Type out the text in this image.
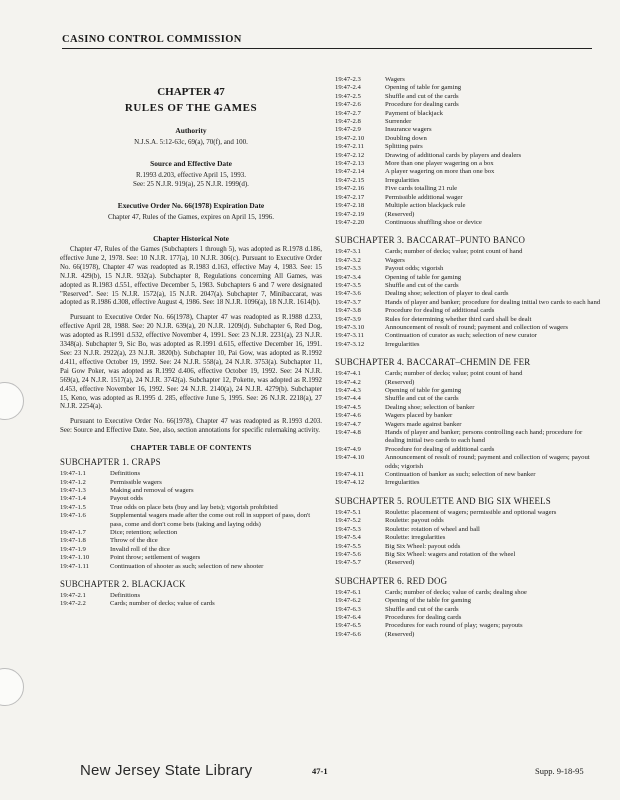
CASINO CONTROL COMMISSION
CHAPTER 47
RULES OF THE GAMES
Authority
N.J.S.A. 5:12-63c, 69(a), 70(f), and 100.
Source and Effective Date
R.1993 d.203, effective April 15, 1993.
See: 25 N.J.R. 919(a), 25 N.J.R. 1999(d).
Executive Order No. 66(1978) Expiration Date
Chapter 47, Rules of the Games, expires on April 15, 1996.
Chapter Historical Note

Chapter 47, Rules of the Games (Subchapters 1 through 5), was adopted as R.1978 d.186, effective June 2, 1978. See: 10 N.J.R. 177(a), 10 N.J.R. 306(c). Pursuant to Executive Order No. 66(1978), Chapter 47 was readopted as R.1983 d.163, effective May 4, 1983. See: 15 N.J.R. 429(b), 15 N.J.R. 932(a). Subchapter 8, Regulations concerning All Games, was adopted as R.1983 d.551, effective December 5, 1983. Subchapters 6 and 7 were designated "Reserved". See: 15 N.J.R. 1572(a), 15 N.J.R. 2047(a). Subchapter 7, Minibaccarat, was adopted as R.1986 d.308, effective August 4, 1986. See: 18 N.J.R. 1096(a), 18 N.J.R. 1614(b).

Pursuant to Executive Order No. 66(1978), Chapter 47 was readopted as R.1988 d.233, effective April 28, 1988. See: 20 N.J.R. 639(a), 20 N.J.R. 1209(d). Subchapter 6, Red Dog, was adopted as R.1991 d.532, effective November 4, 1991. See: 23 N.J.R. 2231(a), 23 N.J.R. 3348(a). Subchapter 9, Sic Bo, was adopted as R.1991 d.615, effective December 16, 1991. See: 23 N.J.R. 2922(a), 23 N.J.R. 3820(b). Subchapter 10, Pai Gow, was adopted as R.1992 d.411, effective October 19, 1992. See: 24 N.J.R. 558(a), 24 N.J.R. 3753(a). Subchapter 11, Pai Gow Poker, was adopted as R.1992 d.406, effective October 19, 1992. See: 24 N.J.R. 569(a), 24 N.J.R. 1517(a), 24 N.J.R. 3742(a). Subchapter 12, Pokette, was adopted as R.1992 d.453, effective November 16, 1992. See: 24 N.J.R. 2140(a), 24 N.J.R. 4279(b). Subchapter 15, Keno, was adopted as R.1995 d. 285, effective June 5, 1995. See: 26 N.J.R. 2218(a), 27 N.J.R. 2254(a).

Pursuant to Executive Order No. 66(1978), Chapter 47 was readopted as R.1993 d.203. See: Source and Effective Date. See, also, section annotations for specific rulemaking activity.

CHAPTER TABLE OF CONTENTS
SUBCHAPTER 1. CRAPS
19:47-1.1	Definitions
19:47-1.2	Permissible wagers
19:47-1.3	Making and removal of wagers
19:47-1.4	Payout odds
19:47-1.5	True odds on place bets (buy and lay bets); vigorish prohibited
19:47-1.6	Supplemental wagers made after the come out roll in support of pass, don't pass, come and don't come bets (taking and laying odds)
19:47-1.7	Dice; retention; selection
19:47-1.8	Throw of the dice
19:47-1.9	Invalid roll of the dice
19:47-1.10	Point throw; settlement of wagers
19:47-1.11	Continuation of shooter as such; selection of new shooter
SUBCHAPTER 2. BLACKJACK
19:47-2.1	Definitions
19:47-2.2	Cards; number of decks; value of cards
19:47-2.3	Wagers
19:47-2.4	Opening of table for gaming
19:47-2.5	Shuffle and cut of the cards
19:47-2.6	Procedure for dealing cards
19:47-2.7	Payment of blackjack
19:47-2.8	Surrender
19:47-2.9	Insurance wagers
19:47-2.10	Doubling down
19:47-2.11	Splitting pairs
19:47-2.12	Drawing of additional cards by players and dealers
19:47-2.13	More than one player wagering on a box
19:47-2.14	A player wagering on more than one box
19:47-2.15	Irregularities
19:47-2.16	Five cards totalling 21 rule
19:47-2.17	Permissible additional wager
19:47-2.18	Multiple action blackjack rule
19:47-2.19	(Reserved)
19:47-2.20	Continuous shuffling shoe or device
SUBCHAPTER 3. BACCARAT–PUNTO BANCO
19:47-3.1	Cards; number of decks; value; point count of hand
19:47-3.2	Wagers
19:47-3.3	Payout odds; vigorish
19:47-3.4	Opening of table for gaming
19:47-3.5	Shuffle and cut of the cards
19:47-3.6	Dealing shoe; selection of player to deal cards
19:47-3.7	Hands of player and banker; procedure for dealing initial two cards to each hand
19:47-3.8	Procedure for dealing of additional cards
19:47-3.9	Rules for determining whether third card shall be dealt
19:47-3.10	Announcement of result of round; payment and collection of wagers
19:47-3.11	Continuation of curator as such; selection of new curator
19:47-3.12	Irregularities
SUBCHAPTER 4. BACCARAT–CHEMIN DE FER
19:47-4.1	Cards; number of decks; value; point count of hand
19:47-4.2	(Reserved)
19:47-4.3	Opening of table for gaming
19:47-4.4	Shuffle and cut of the cards
19:47-4.5	Dealing shoe; selection of banker
19:47-4.6	Wagers placed by banker
19:47-4.7	Wagers made against banker
19:47-4.8	Hands of player and banker; persons controlling each hand; procedure for dealing initial two cards to each hand
19:47-4.9	Procedure for dealing of additional cards
19:47-4.10	Announcement of result of round; payment and collection of wagers; payout odds; vigorish
19:47-4.11	Continuation of banker as such; selection of new banker
19:47-4.12	Irregularities
SUBCHAPTER 5. ROULETTE AND BIG SIX WHEELS
19:47-5.1	Roulette: placement of wagers; permissible and optional wagers
19:47-5.2	Roulette: payout odds
19:47-5.3	Roulette: rotation of wheel and ball
19:47-5.4	Roulette: irregularities
19:47-5.5	Big Six Wheel: payout odds
19:47-5.6	Big Six Wheel: wagers and rotation of the wheel
19:47-5.7	(Reserved)
SUBCHAPTER 6. RED DOG
19:47-6.1	Cards; number of decks; value of cards; dealing shoe
19:47-6.2	Opening of the table for gaming
19:47-6.3	Shuffle and cut of the cards
19:47-6.4	Procedures for dealing cards
19:47-6.5	Procedures for each round of play; wagers; payouts
19:47-6.6	(Reserved)
New Jersey State Library	47-1	Supp. 9-18-95
